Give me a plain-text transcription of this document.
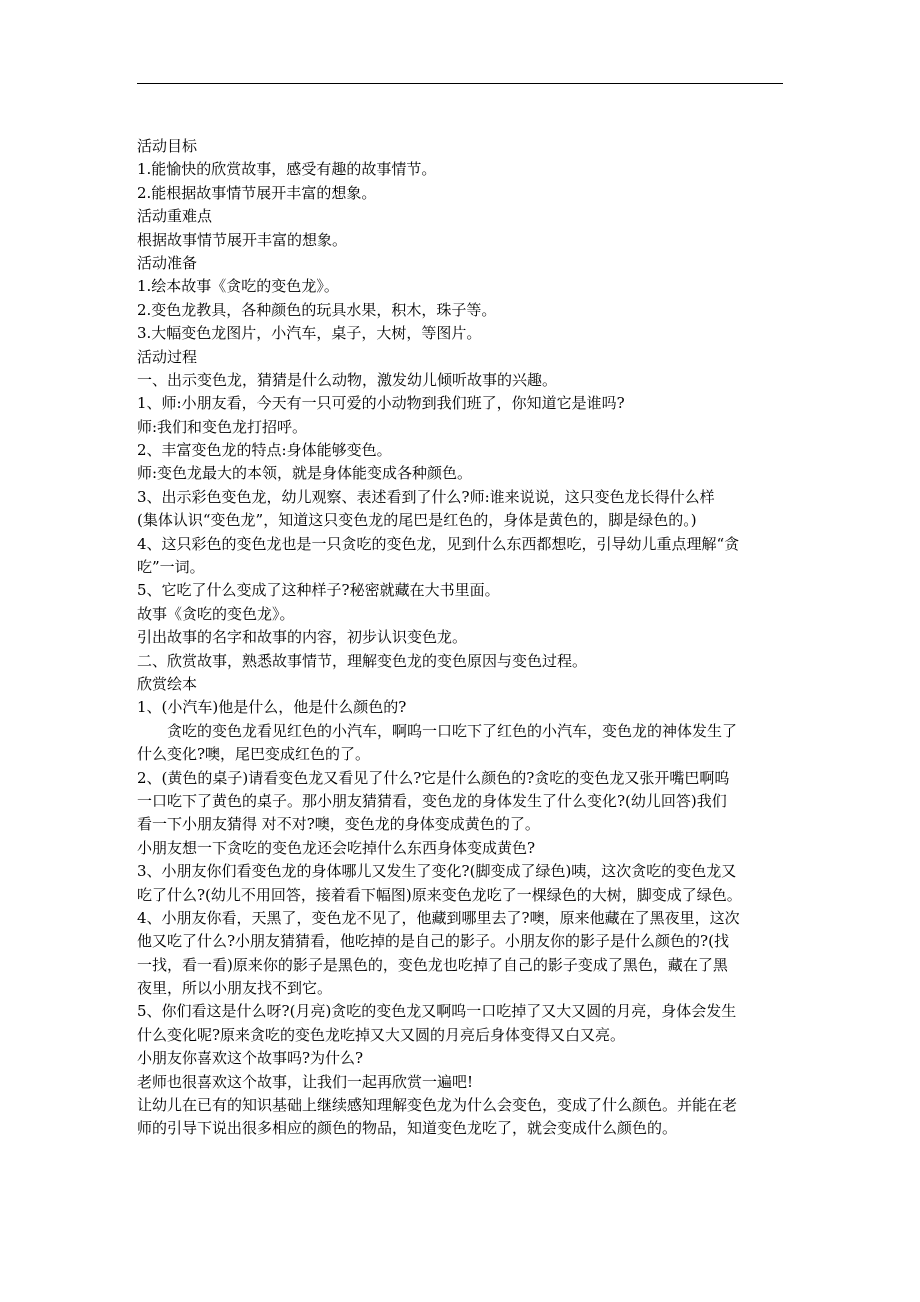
活动目标
1.能愉快的欣赏故事，感受有趣的故事情节。
2.能根据故事情节展开丰富的想象。
活动重难点
根据故事情节展开丰富的想象。
活动准备
1.绘本故事《贪吃的变色龙》。
2.变色龙教具，各种颜色的玩具水果，积木，珠子等。
3.大幅变色龙图片，小汽车，桌子，大树，等图片。
活动过程
一、出示变色龙，猜猜是什么动物，激发幼儿倾听故事的兴趣。
1、师:小朋友看，今天有一只可爱的小动物到我们班了，你知道它是谁吗?
师:我们和变色龙打招呼。
2、丰富变色龙的特点:身体能够变色。
师:变色龙最大的本领，就是身体能变成各种颜色。
3、出示彩色变色龙，幼儿观察、表述看到了什么?师:谁来说说，这只变色龙长得什么样
(集体认识“变色龙”，知道这只变色龙的尾巴是红色的，身体是黄色的，脚是绿色的。)
4、这只彩色的变色龙也是一只贪吃的变色龙，见到什么东西都想吃，引导幼儿重点理解“贪
吃”一词。
5、它吃了什么变成了这种样子?秘密就藏在大书里面。
故事《贪吃的变色龙》。
引出故事的名字和故事的内容，初步认识变色龙。
二、欣赏故事，熟悉故事情节，理解变色龙的变色原因与变色过程。
欣赏绘本
1、(小汽车)他是什么，他是什么颜色的?
贪吃的变色龙看见红色的小汽车，啊呜一口吃下了红色的小汽车，变色龙的神体发生了
什么变化?噢，尾巴变成红色的了。
2、(黄色的桌子)请看变色龙又看见了什么?它是什么颜色的?贪吃的变色龙又张开嘴巴啊呜
一口吃下了黄色的桌子。那小朋友猜猜看，变色龙的身体发生了什么变化?(幼儿回答)我们
看一下小朋友猜得 对不对?噢，变色龙的身体变成黄色的了。
小朋友想一下贪吃的变色龙还会吃掉什么东西身体变成黄色?
3、小朋友你们看变色龙的身体哪儿又发生了变化?(脚变成了绿色)咦，这次贪吃的变色龙又
吃了什么?(幼儿不用回答，接着看下幅图)原来变色龙吃了一棵绿色的大树，脚变成了绿色。
4、小朋友你看，天黑了，变色龙不见了，他藏到哪里去了?噢，原来他藏在了黑夜里，这次
他又吃了什么?小朋友猜猜看，他吃掉的是自己的影子。小朋友你的影子是什么颜色的?(找
一找，看一看)原来你的影子是黑色的，变色龙也吃掉了自己的影子变成了黑色，藏在了黑
夜里，所以小朋友找不到它。
5、你们看这是什么呀?(月亮)贪吃的变色龙又啊呜一口吃掉了又大又圆的月亮，身体会发生
什么变化呢?原来贪吃的变色龙吃掉又大又圆的月亮后身体变得又白又亮。
小朋友你喜欢这个故事吗?为什么?
老师也很喜欢这个故事，让我们一起再欣赏一遍吧!
让幼儿在已有的知识基础上继续感知理解变色龙为什么会变色，变成了什么颜色。并能在老
师的引导下说出很多相应的颜色的物品，知道变色龙吃了，就会变成什么颜色的。
